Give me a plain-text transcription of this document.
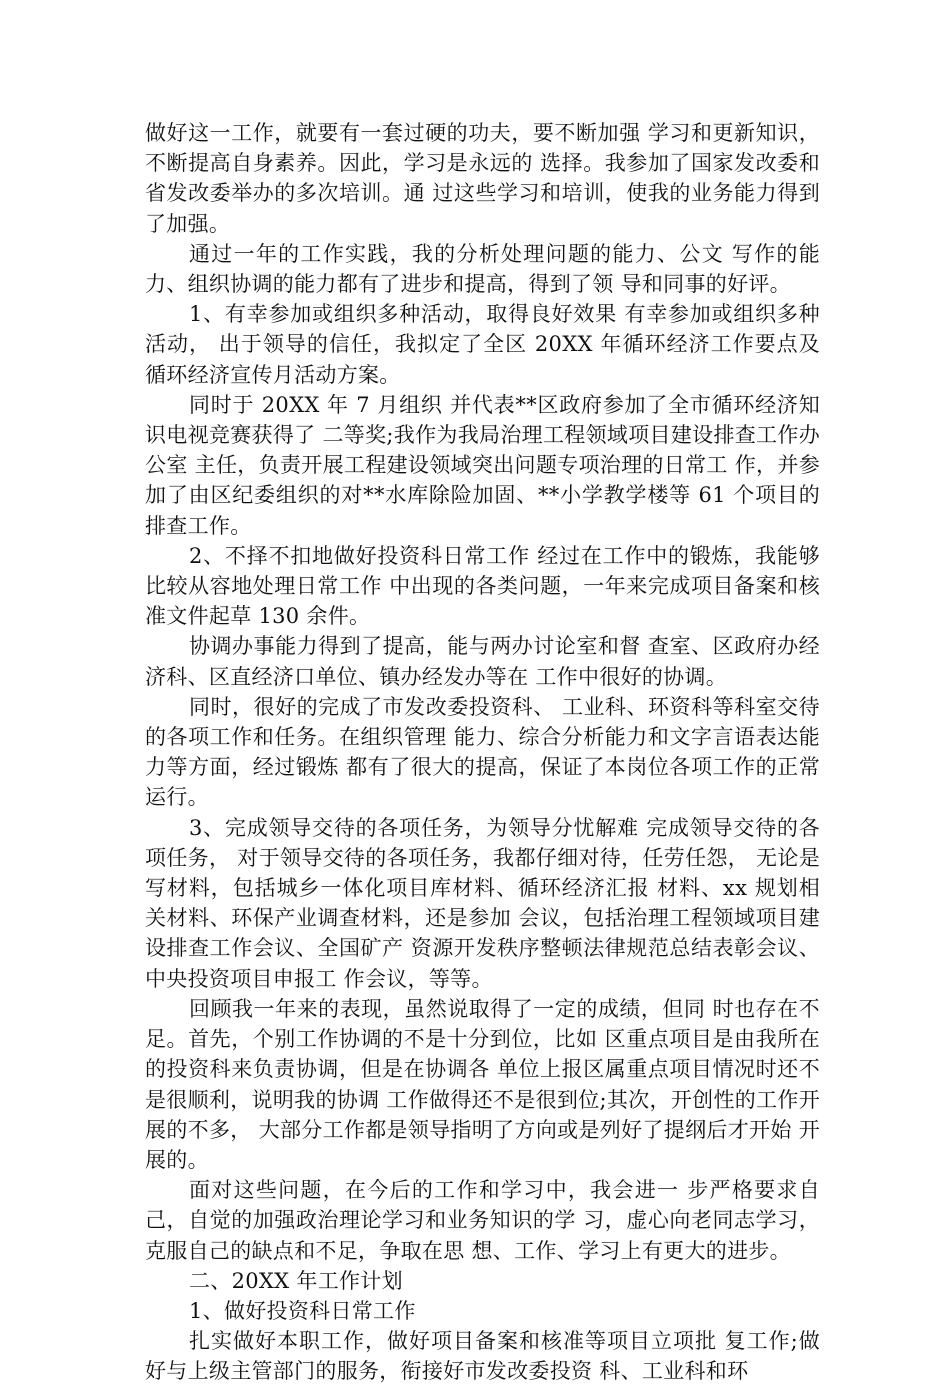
做好这一工作，就要有一套过硬的功夫，要不断加强 学习和更新知识，不断提高自身素养。因此，学习是永远的 选择。我参加了国家发改委和省发改委举办的多次培训。通 过这些学习和培训，使我的业务能力得到了加强。

通过一年的工作实践，我的分析处理问题的能力、公文 写作的能力、组织协调的能力都有了进步和提高，得到了领 导和同事的好评。

1、有幸参加或组织多种活动，取得良好效果 有幸参加或组织多种活动， 出于领导的信任，我拟定了全区 20XX 年循环经济工作要点及循环经济宣传月活动方案。

同时于 20XX 年 7 月组织 并代表**区政府参加了全市循环经济知识电视竞赛获得了 二等奖;我作为我局治理工程领域项目建设排查工作办公室 主任，负责开展工程建设领域突出问题专项治理的日常工 作，并参加了由区纪委组织的对**水库除险加固、**小学教学楼等 61 个项目的排查工作。

2、不择不扣地做好投资科日常工作 经过在工作中的锻炼，我能够比较从容地处理日常工作 中出现的各类问题，一年来完成项目备案和核准文件起草 130 余件。

协调办事能力得到了提高，能与两办讨论室和督 查室、区政府办经济科、区直经济口单位、镇办经发办等在 工作中很好的协调。

同时，很好的完成了市发改委投资科、 工业科、环资科等科室交待的各项工作和任务。在组织管理 能力、综合分析能力和文字言语表达能力等方面，经过锻炼 都有了很大的提高，保证了本岗位各项工作的正常运行。

3、完成领导交待的各项任务，为领导分忧解难 完成领导交待的各项任务， 对于领导交待的各项任务，我都仔细对待，任劳任怨， 无论是写材料，包括城乡一体化项目库材料、循环经济汇报 材料、xx 规划相关材料、环保产业调查材料，还是参加 会议，包括治理工程领域项目建设排查工作会议、全国矿产 资源开发秩序整顿法律规范总结表彰会议、中央投资项目申报工 作会议，等等。

回顾我一年来的表现，虽然说取得了一定的成绩，但同 时也存在不足。首先，个别工作协调的不是十分到位，比如 区重点项目是由我所在的投资科来负责协调，但是在协调各 单位上报区属重点项目情况时还不是很顺利，说明我的协调 工作做得还不是很到位;其次，开创性的工作开展的不多， 大部分工作都是领导指明了方向或是列好了提纲后才开始 开展的。

面对这些问题，在今后的工作和学习中，我会进一 步严格要求自己，自觉的加强政治理论学习和业务知识的学 习，虚心向老同志学习，克服自己的缺点和不足，争取在思 想、工作、学习上有更大的进步。

二、20XX 年工作计划

1、做好投资科日常工作

扎实做好本职工作，做好项目备案和核准等项目立项批 复工作;做好与上级主管部门的服务，衔接好市发改委投资 科、工业科和环
